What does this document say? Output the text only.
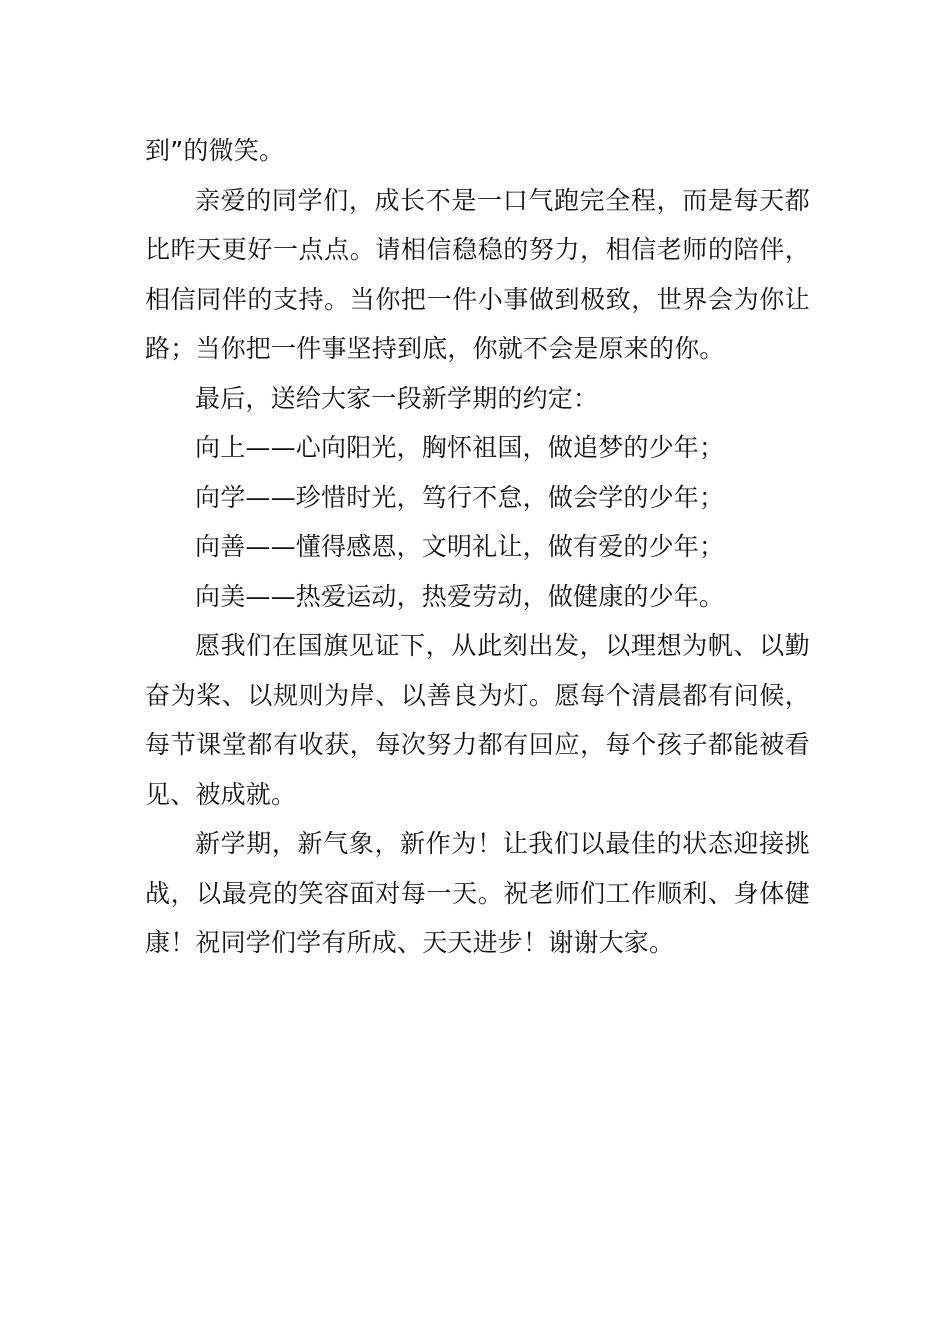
到”的微笑。

亲爱的同学们，成长不是一口气跑完全程，而是每天都比昨天更好一点点。请相信稳稳的努力，相信老师的陪伴，相信同伴的支持。当你把一件小事做到极致，世界会为你让路；当你把一件事坚持到底，你就不会是原来的你。

最后，送给大家一段新学期的约定：

向上——心向阳光，胸怀祖国，做追梦的少年；

向学——珍惜时光，笃行不怠，做会学的少年；

向善——懂得感恩，文明礼让，做有爱的少年；

向美——热爱运动，热爱劳动，做健康的少年。

愿我们在国旗见证下，从此刻出发，以理想为帆、以勤奋为桨、以规则为岸、以善良为灯。愿每个清晨都有问候，每节课堂都有收获，每次努力都有回应，每个孩子都能被看见、被成就。

新学期，新气象，新作为！让我们以最佳的状态迎接挑战，以最亮的笑容面对每一天。祝老师们工作顺利、身体健康！祝同学们学有所成、天天进步！谢谢大家。
